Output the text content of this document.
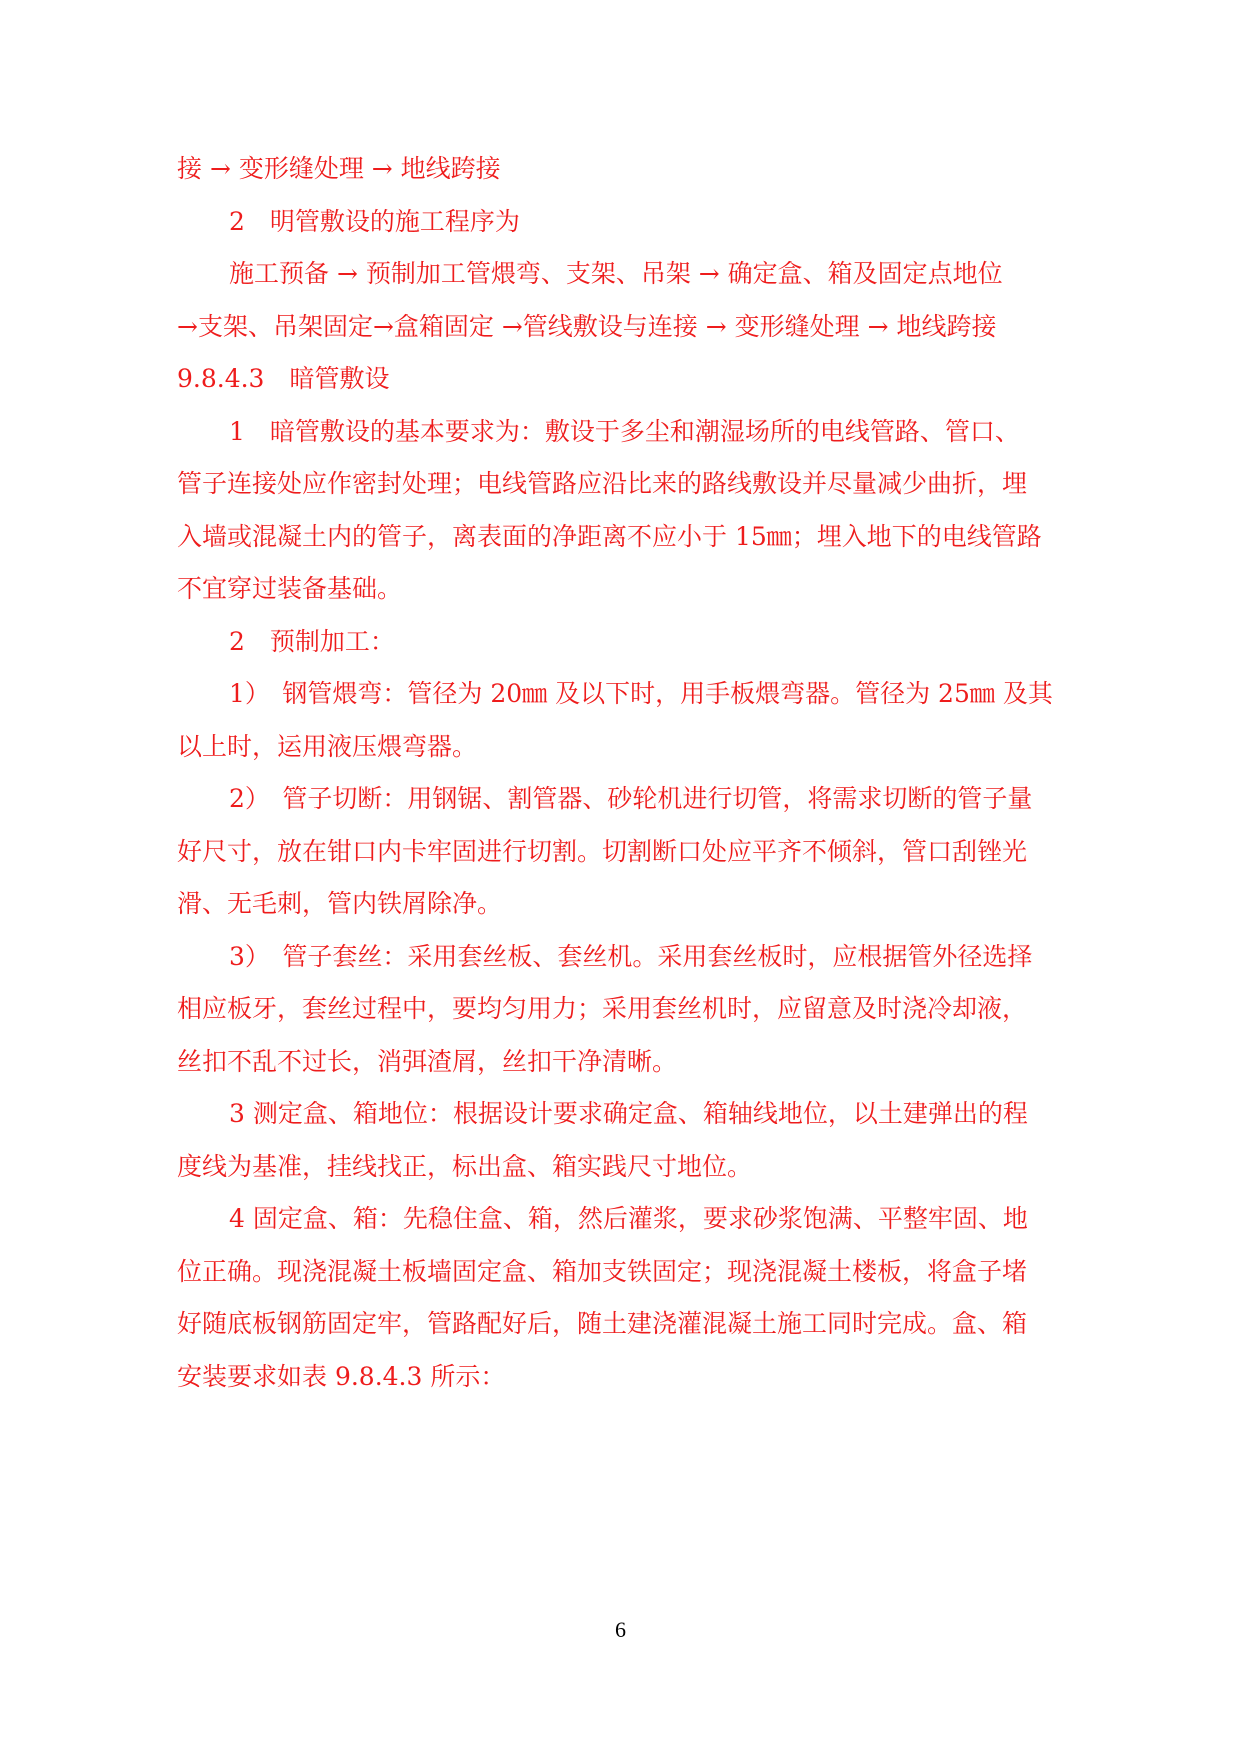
接 → 变形缝处理 → 地线跨接

2　明管敷设的施工程序为

施工预备 → 预制加工管煨弯、支架、吊架 → 确定盒、箱及固定点地位

→支架、吊架固定→盒箱固定 →管线敷设与连接 → 变形缝处理 → 地线跨接

9.8.4.3　暗管敷设

1　暗管敷设的基本要求为：敷设于多尘和潮湿场所的电线管路、管口、

管子连接处应作密封处理；电线管路应沿比来的路线敷设并尽量减少曲折，埋

入墙或混凝土内的管子，离表面的净距离不应小于 15㎜；埋入地下的电线管路

不宜穿过装备基础。

2　预制加工：

1）　钢管煨弯：管径为 20㎜ 及以下时，用手板煨弯器。管径为 25㎜ 及其

以上时，运用液压煨弯器。

2）　管子切断：用钢锯、割管器、砂轮机进行切管，将需求切断的管子量

好尺寸，放在钳口内卡牢固进行切割。切割断口处应平齐不倾斜，管口刮锉光

滑、无毛刺，管内铁屑除净。

3）　管子套丝：采用套丝板、套丝机。采用套丝板时，应根据管外径选择

相应板牙，套丝过程中，要均匀用力；采用套丝机时，应留意及时浇冷却液，

丝扣不乱不过长，消弭渣屑，丝扣干净清晰。

3 测定盒、箱地位：根据设计要求确定盒、箱轴线地位，以土建弹出的程

度线为基准，挂线找正，标出盒、箱实践尺寸地位。

4 固定盒、箱：先稳住盒、箱，然后灌浆，要求砂浆饱满、平整牢固、地

位正确。现浇混凝土板墙固定盒、箱加支铁固定；现浇混凝土楼板，将盒子堵

好随底板钢筋固定牢，管路配好后，随土建浇灌混凝土施工同时完成。盒、箱

安装要求如表 9.8.4.3 所示：

6
